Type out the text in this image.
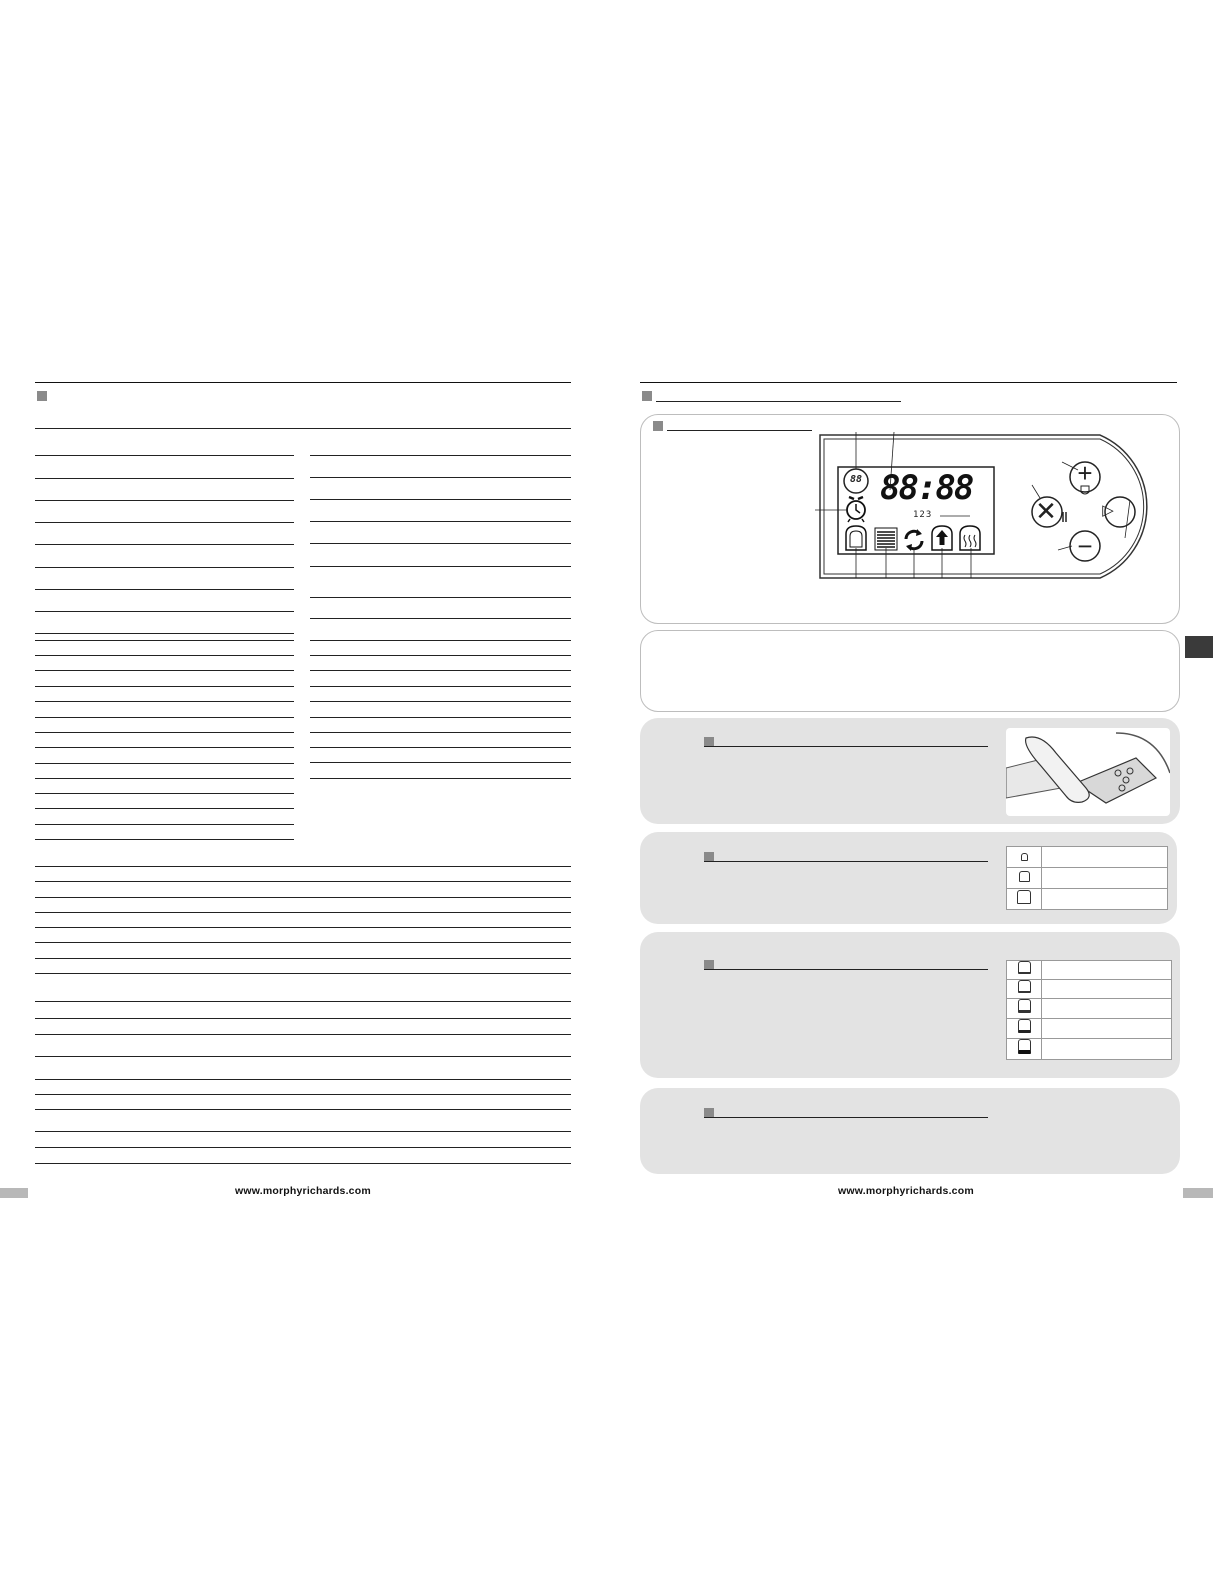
www.morphyrichards.com
88:88
88
123
+
✕	▷
−

www.morphyrichards.com
